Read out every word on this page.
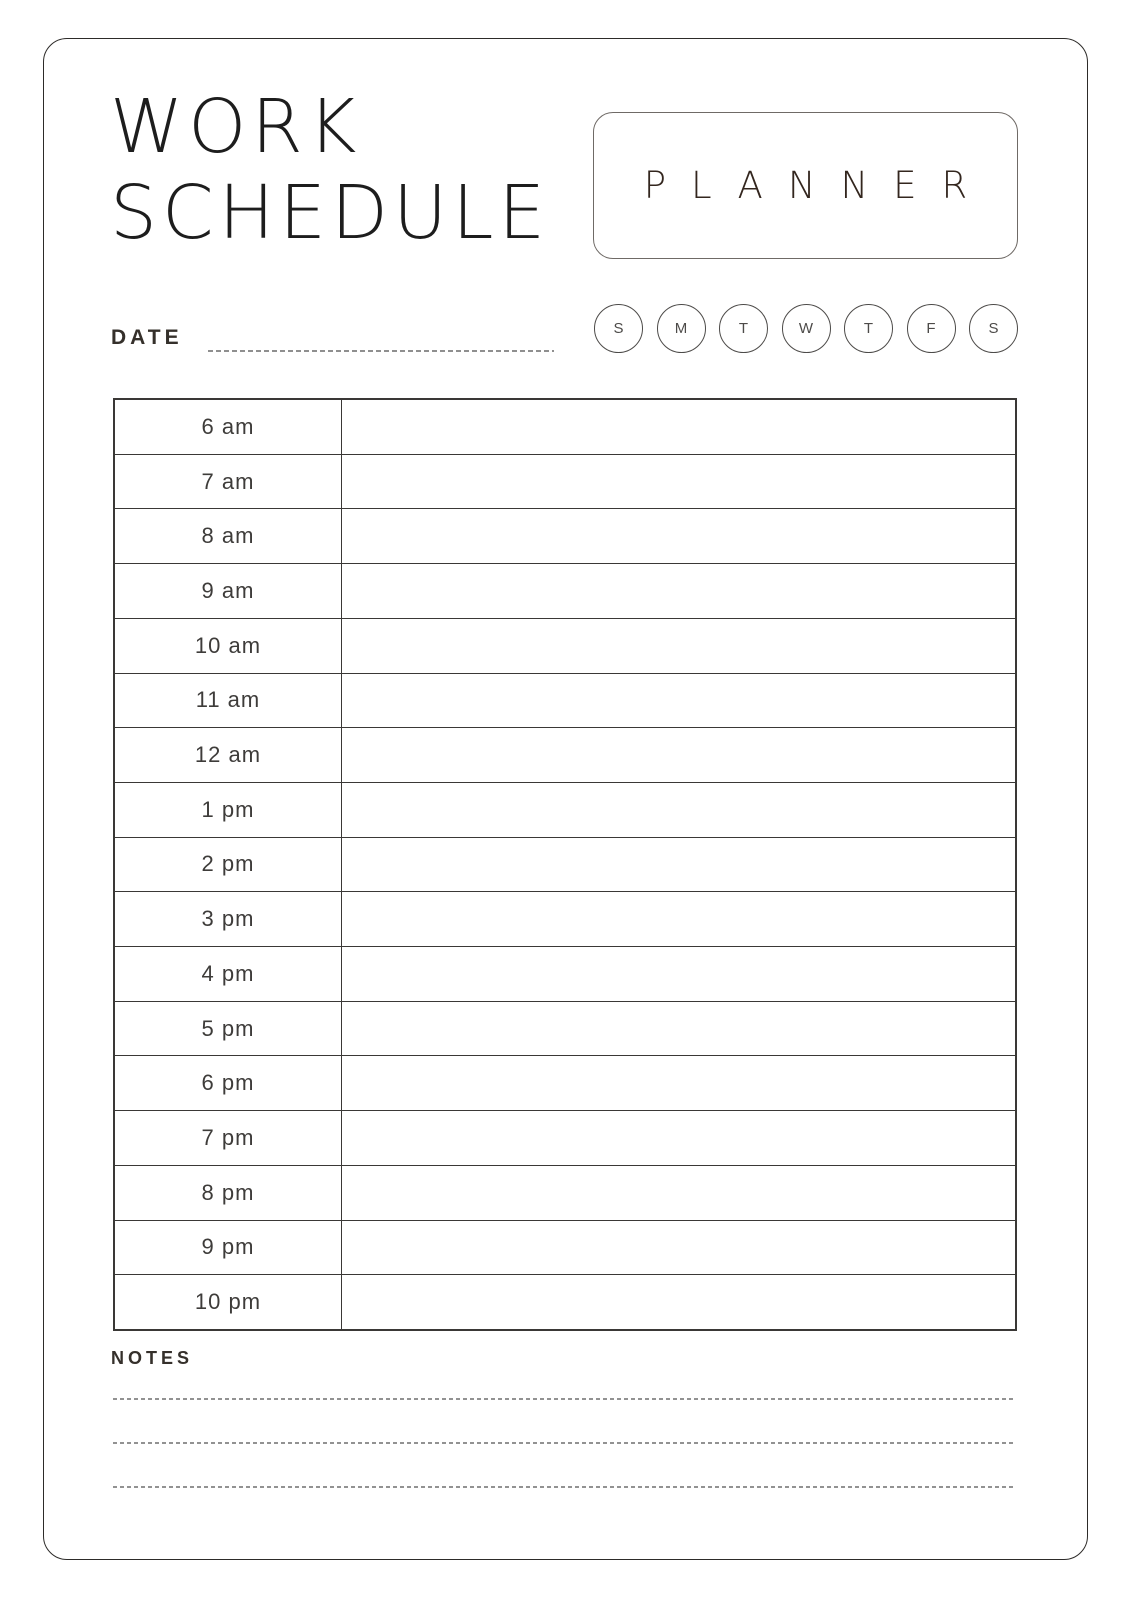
WORK
SCHEDULE	PLANNER
S	M	T	W	T	F	S
DATE
6 am
7 am
8 am
9 am
10 am
11 am
12 am
1 pm
2 pm
3 pm
4 pm
5 pm
6 pm
7 pm
8 pm
9 pm
10 pm
NOTES
